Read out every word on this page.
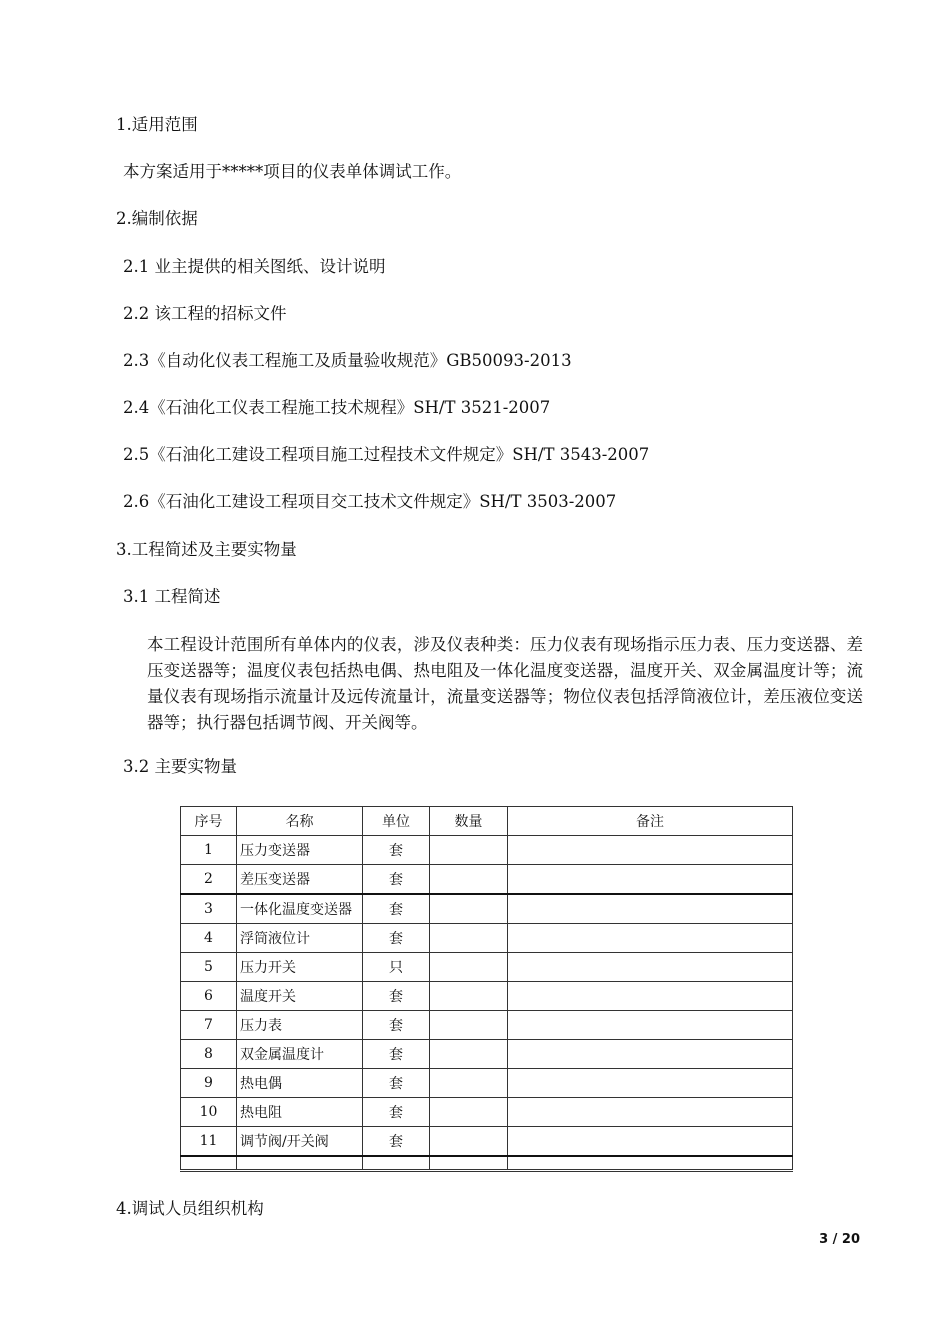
1.适用范围
本方案适用于*****项目的仪表单体调试工作。
2.编制依据
2.1 业主提供的相关图纸、设计说明
2.2 该工程的招标文件
2.3《自动化仪表工程施工及质量验收规范》GB50093-2013
2.4《石油化工仪表工程施工技术规程》SH/T 3521-2007
2.5《石油化工建设工程项目施工过程技术文件规定》SH/T 3543-2007
2.6《石油化工建设工程项目交工技术文件规定》SH/T 3503-2007
3.工程简述及主要实物量
3.1 工程简述
本工程设计范围所有单体内的仪表，涉及仪表种类：压力仪表有现场指示压力表、压力变送器、差压变送器等；温度仪表包括热电偶、热电阻及一体化温度变送器，温度开关、双金属温度计等；流量仪表有现场指示流量计及远传流量计，流量变送器等；物位仪表包括浮筒液位计，差压液位变送器等；执行器包括调节阀、开关阀等。
3.2 主要实物量
序号	名称	单位	数量	备注
1	压力变送器	套		
2	差压变送器	套		
3	一体化温度变送器	套		
4	浮筒液位计	套		
5	压力开关	只		
6	温度开关	套		
7	压力表	套		
8	双金属温度计	套		
9	热电偶	套		
10	热电阻	套		
11	调节阀/开关阀	套		

4.调试人员组织机构
3 / 20
